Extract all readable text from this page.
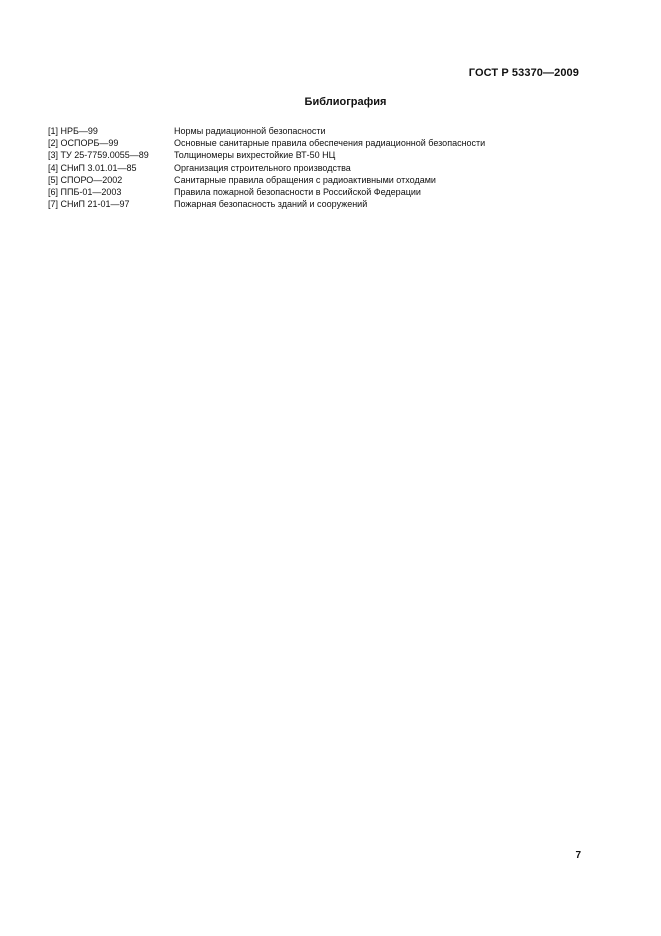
ГОСТ Р 53370—2009
Библиография
[1] НРБ—99	Нормы радиационной безопасности
[2] ОСПОРБ—99	Основные санитарные правила обеспечения радиационной безопасности
[3] ТУ 25-7759.0055—89	Толщиномеры вихрестойкие ВТ-50 НЦ
[4] СНиП 3.01.01—85	Организация строительного производства
[5] СПОРО—2002	Санитарные правила обращения с радиоактивными отходами
[6] ППБ-01—2003	Правила пожарной безопасности в Российской Федерации
[7] СНиП 21-01—97	Пожарная безопасность зданий и сооружений
7
